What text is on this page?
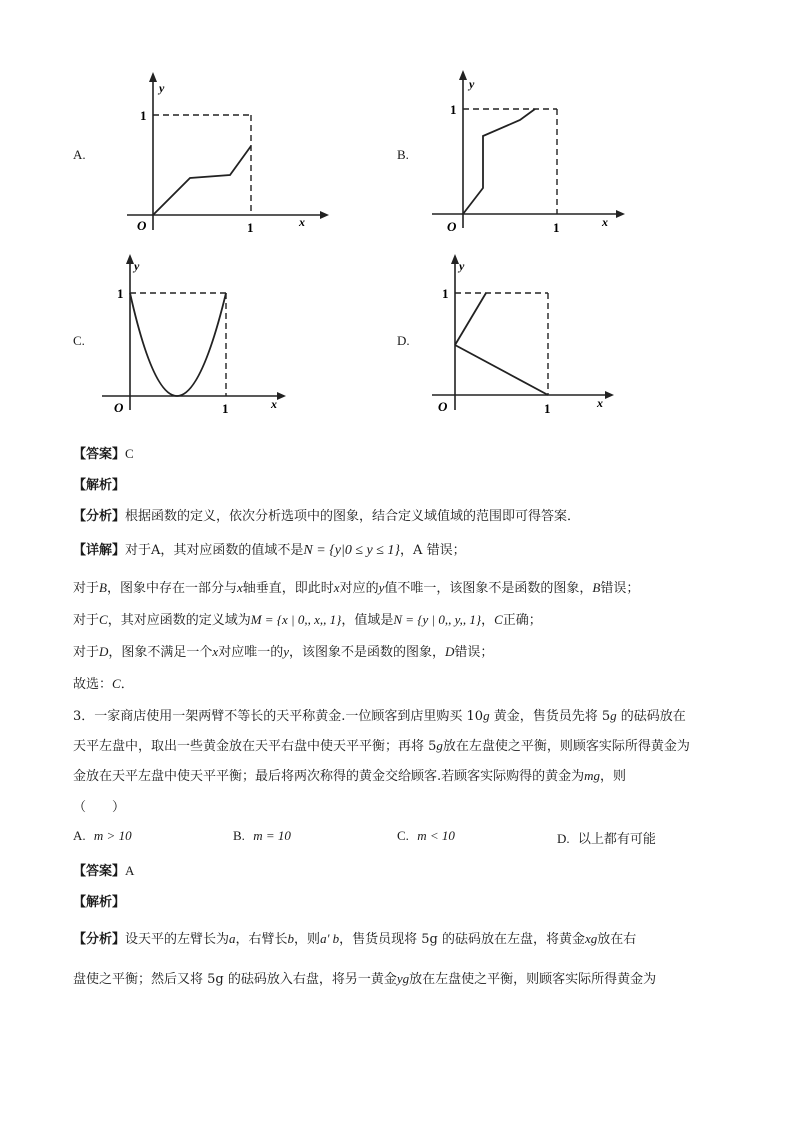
A.
y
x
O	1
1
B.
y
x
O	1
1
C.
y
x
O	1
1
D.
y
x
O	1
1
【答案】C
【解析】
【分析】根据函数的定义，依次分析选项中的图象，结合定义域值域的范围即可得答案．
【详解】对于A，其对应函数的值域不是N = {y|0 ≤ y ≤ 1}，A 错误；
对于B，图象中存在一部分与x轴垂直，即此时x对应的y值不唯一，该图象不是函数的图象，B错误；
对于C，其对应函数的定义域为M = {x | 0,, x,, 1}，值域是N = {y | 0,, y,, 1}，C正确；
对于D，图象不满足一个x对应唯一的y，该图象不是函数的图象，D错误；
故选：C．
3．一家商店使用一架两臂不等长的天平称黄金.一位顾客到店里购买 10g 黄金，售货员先将 5g 的砝码放在
天平左盘中，取出一些黄金放在天平右盘中使天平平衡；再将 5g放在左盘使之平衡，则顾客实际所得黄金为
金放在天平左盘中使天平平衡；最后将两次称得的黄金交给顾客.若顾客实际购得的黄金为mg，则
（　　）
A. m > 10	B. m = 10	C. m < 10	D. 以上都有可能
【答案】A
【解析】
【分析】设天平的左臂长为a，右臂长b，则a' b，售货员现将 5g 的砝码放在左盘，将黄金xg放在右
盘使之平衡；然后又将 5g 的砝码放入右盘，将另一黄金yg放在左盘使之平衡，则顾客实际所得黄金为
